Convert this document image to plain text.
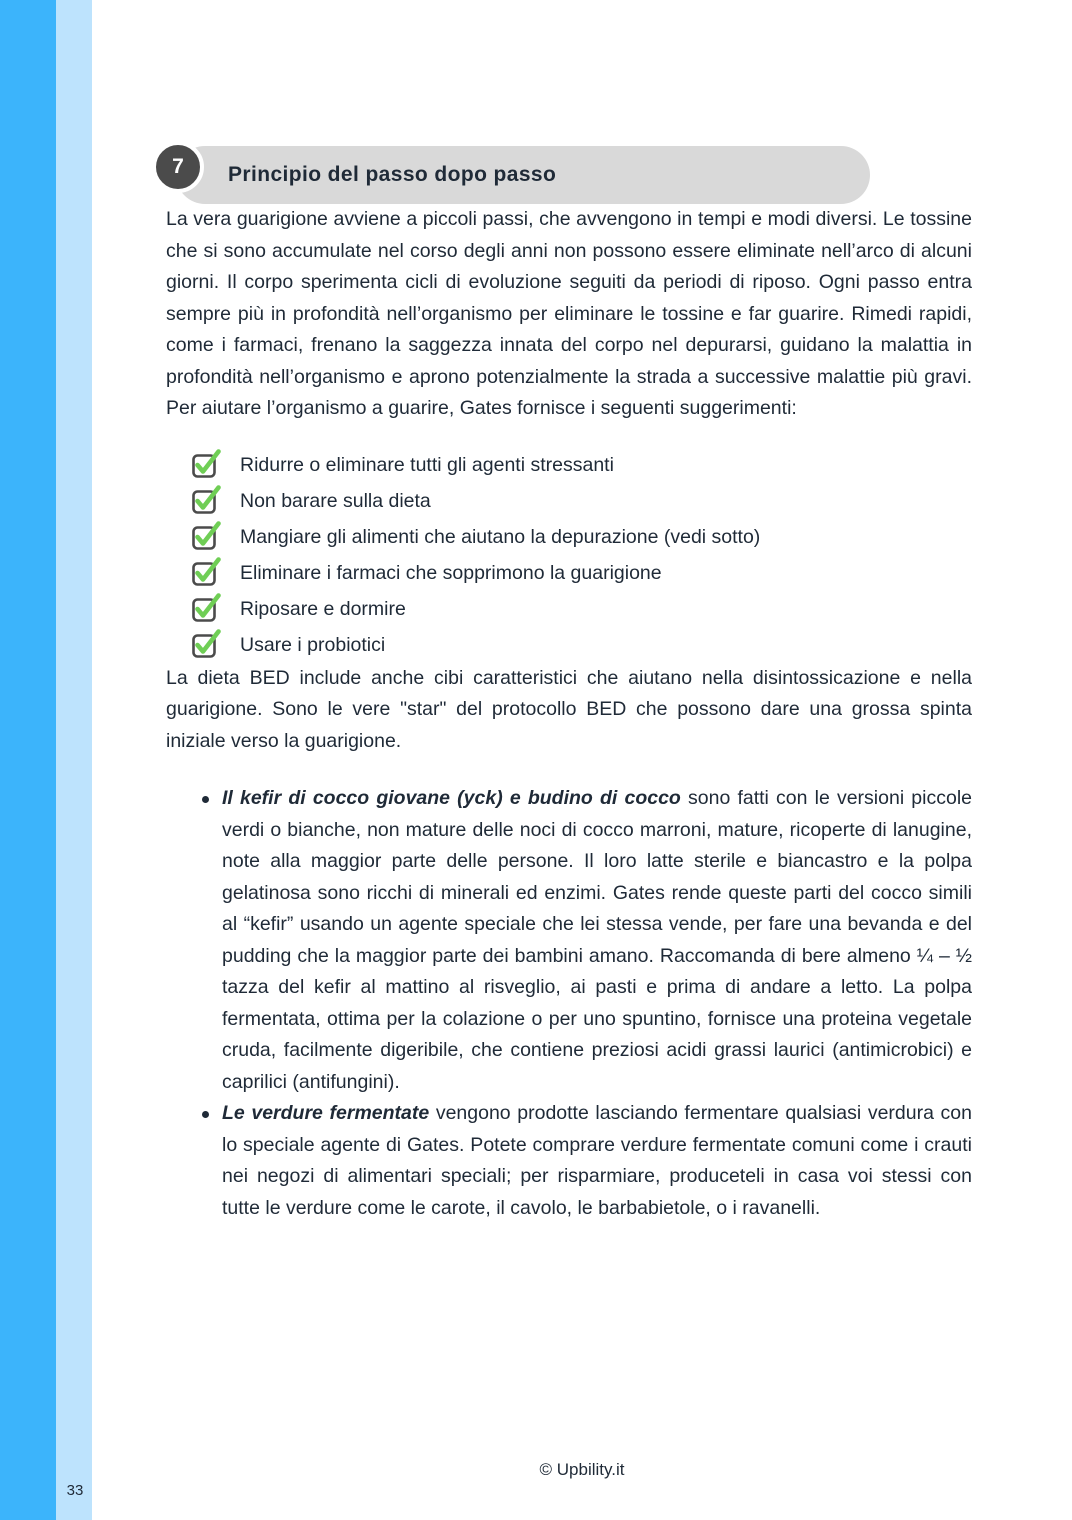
33
7	Principio del passo dopo passo

La vera guarigione avviene a piccoli passi, che avvengono in tempi e modi diversi. Le tossine che si sono accumulate nel corso degli anni non possono essere eliminate nell’arco di alcuni giorni. Il corpo sperimenta cicli di evoluzione seguiti da periodi di riposo. Ogni passo entra sempre più in profondità nell’organismo per eliminare le tossine e far guarire. Rimedi rapidi, come i farmaci, frenano la saggezza innata del corpo nel depurarsi, guidano la malattia in profondità nell’organismo e aprono potenzialmente la strada a successive malattie più gravi. Per aiutare l’organismo a guarire, Gates fornisce i seguenti suggerimenti:

Ridurre o eliminare tutti gli agenti stressanti
Non barare sulla dieta
Mangiare gli alimenti che aiutano la depurazione (vedi sotto)
Eliminare i farmaci che sopprimono la guarigione
Riposare e dormire
Usare i probiotici

La dieta BED include anche cibi caratteristici che aiutano nella disintossicazione e nella guarigione. Sono le vere "star" del protocollo BED che possono dare una grossa spinta iniziale verso la guarigione.

Il kefir di cocco giovane (yck) e budino di cocco sono fatti con le versioni piccole verdi o bianche, non mature delle noci di cocco marroni, mature, ricoperte di lanugine, note alla maggior parte delle persone. Il loro latte sterile e biancastro e la polpa gelatinosa sono ricchi di minerali ed enzimi. Gates rende queste parti del cocco simili al “kefir” usando un agente speciale che lei stessa vende, per fare una bevanda e del pudding che la maggior parte dei bambini amano. Raccomanda di bere almeno ¼ – ½ tazza del kefir al mattino al risveglio, ai pasti e prima di andare a letto. La polpa fermentata, ottima per la colazione o per uno spuntino, fornisce una proteina vegetale cruda, facilmente digeribile, che contiene preziosi acidi grassi laurici (antimicrobici) e caprilici (antifungini).
Le verdure fermentate vengono prodotte lasciando fermentare qualsiasi verdura con lo speciale agente di Gates. Potete comprare verdure fermentate comuni come i crauti nei negozi di alimentari speciali; per risparmiare, produceteli in casa voi stessi con tutte le verdure come le carote, il cavolo, le barbabietole, o i ravanelli.
© Upbility.it
